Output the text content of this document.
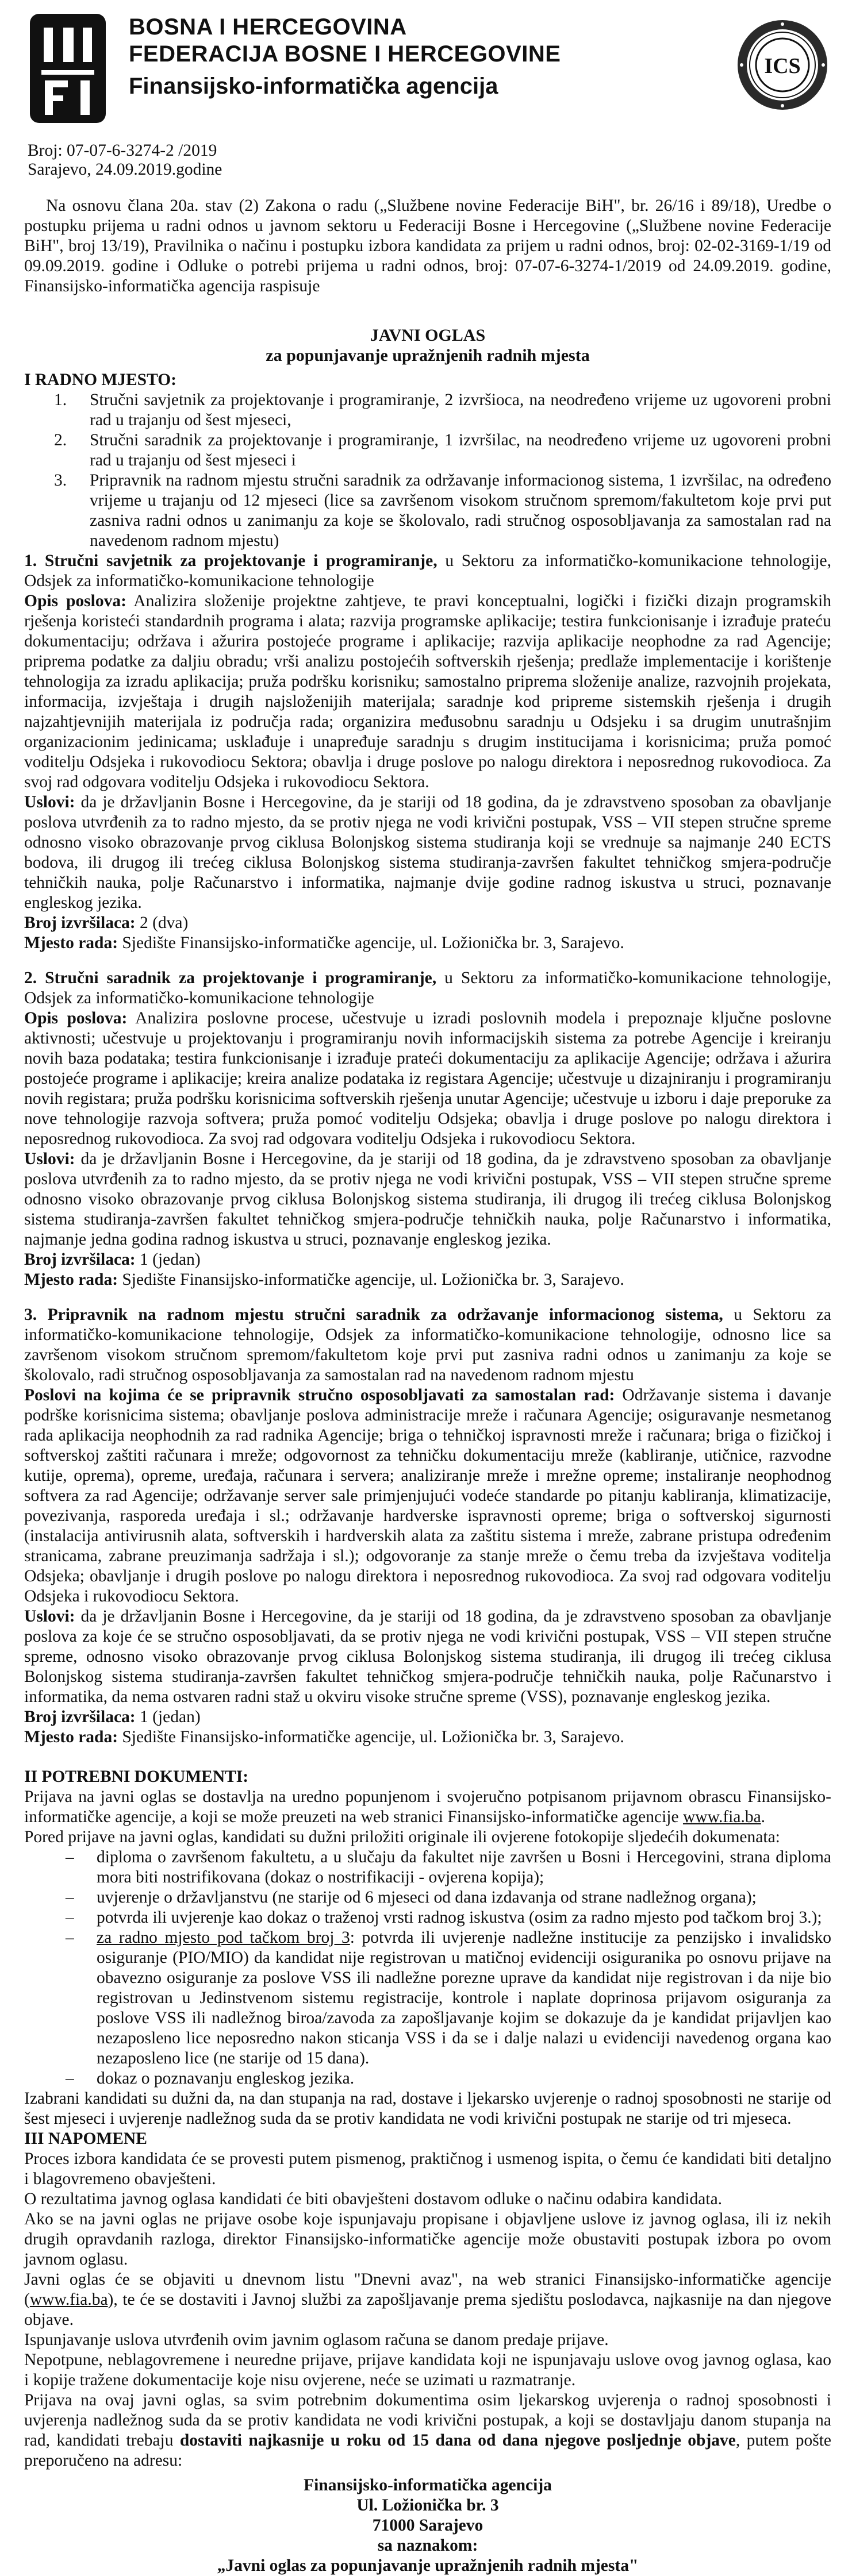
BOSNA I HERCEGOVINA
FEDERACIJA BOSNE I HERCEGOVINE
Finansijsko-informatička agencija
ICS
Broj: 07-07-6-3274-2 /2019
Sarajevo, 24.09.2019.godine

Na osnovu člana 20a. stav (2) Zakona o radu („Službene novine Federacije BiH", br. 26/16 i 89/18), Uredbe o postupku prijema u radni odnos u javnom sektoru u Federaciji Bosne i Hercegovine („Službene novine Federacije BiH", broj 13/19), Pravilnika o načinu i postupku izbora kandidata za prijem u radni odnos, broj: 02-02-3169-1/19 od 09.09.2019. godine i Odluke o potrebi prijema u radni odnos, broj: 07-07-6-3274-1/2019 od 24.09.2019. godine, Finansijsko-informatička agencija raspisuje

JAVNI OGLAS
za popunjavanje upražnjenih radnih mjesta
I RADNO MJESTO:
1. Stručni savjetnik za projektovanje i programiranje, 2 izvršioca, na neodređeno vrijeme uz ugovoreni probni rad u trajanju od šest mjeseci,
2. Stručni saradnik za projektovanje i programiranje, 1 izvršilac, na neodređeno vrijeme uz ugovoreni probni rad u trajanju od šest mjeseci i
3. Pripravnik na radnom mjestu stručni saradnik za održavanje informacionog sistema, 1 izvršilac, na određeno vrijeme u trajanju od 12 mjeseci (lice sa završenom visokom stručnom spremom/fakultetom koje prvi put zasniva radni odnos u zanimanju za koje se školovalo, radi stručnog osposobljavanja za samostalan rad na navedenom radnom mjestu)

1. Stručni savjetnik za projektovanje i programiranje, u Sektoru za informatičko-komunikacione tehnologije, Odsjek za informatičko-komunikacione tehnologije

Opis poslova: Analizira složenije projektne zahtjeve, te pravi konceptualni, logički i fizički dizajn programskih rješenja koristeći standardnih programa i alata; razvija programske aplikacije; testira funkcionisanje i izrađuje prateću dokumentaciju; održava i ažurira postojeće programe i aplikacije; razvija aplikacije neophodne za rad Agencije; priprema podatke za daljiu obradu; vrši analizu postojećih softverskih rješenja; predlaže implementacije i korištenje tehnologija za izradu aplikacija; pruža podršku korisniku; samostalno priprema složenije analize, razvojnih projekata, informacija, izvještaja i drugih najsloženijih materijala; saradnje kod pripreme sistemskih rješenja i drugih najzahtjevnijih materijala iz područja rada; organizira međusobnu saradnju u Odsjeku i sa drugim unutrašnjim organizacionim jedinicama; usklađuje i unapređuje saradnju s drugim institucijama i korisnicima; pruža pomoć voditelju Odsjeka i rukovodiocu Sektora; obavlja i druge poslove po nalogu direktora i neposrednog rukovodioca. Za svoj rad odgovara voditelju Odsjeka i rukovodiocu Sektora.

Uslovi: da je državljanin Bosne i Hercegovine, da je stariji od 18 godina, da je zdravstveno sposoban za obavljanje poslova utvrđenih za to radno mjesto, da se protiv njega ne vodi krivični postupak, VSS – VII stepen stručne spreme odnosno visoko obrazovanje prvog ciklusa Bolonjskog sistema studiranja koji se vrednuje sa najmanje 240 ECTS bodova, ili drugog ili trećeg ciklusa Bolonjskog sistema studiranja-završen fakultet tehničkog smjera-područje tehničkih nauka, polje Računarstvo i informatika, najmanje dvije godine radnog iskustva u struci, poznavanje engleskog jezika.

Broj izvršilaca: 2 (dva)

Mjesto rada: Sjedište Finansijsko-informatičke agencije, ul. Ložionička br. 3, Sarajevo.

2. Stručni saradnik za projektovanje i programiranje, u Sektoru za informatičko-komunikacione tehnologije, Odsjek za informatičko-komunikacione tehnologije

Opis poslova: Analizira poslovne procese, učestvuje u izradi poslovnih modela i prepoznaje ključne poslovne aktivnosti; učestvuje u projektovanju i programiranju novih informacijskih sistema za potrebe Agencije i kreiranju novih baza podataka; testira funkcionisanje i izrađuje prateći dokumentaciju za aplikacije Agencije; održava i ažurira postojeće programe i aplikacije; kreira analize podataka iz registara Agencije; učestvuje u dizajniranju i programiranju novih registara; pruža podršku korisnicima softverskih rješenja unutar Agencije; učestvuje u izboru i daje preporuke za nove tehnologije razvoja softvera; pruža pomoć voditelju Odsjeka; obavlja i druge poslove po nalogu direktora i neposrednog rukovodioca. Za svoj rad odgovara voditelju Odsjeka i rukovodiocu Sektora.

Uslovi: da je državljanin Bosne i Hercegovine, da je stariji od 18 godina, da je zdravstveno sposoban za obavljanje poslova utvrđenih za to radno mjesto, da se protiv njega ne vodi krivični postupak, VSS – VII stepen stručne spreme odnosno visoko obrazovanje prvog ciklusa Bolonjskog sistema studiranja, ili drugog ili trećeg ciklusa Bolonjskog sistema studiranja-završen fakultet tehničkog smjera-područje tehničkih nauka, polje Računarstvo i informatika, najmanje jedna godina radnog iskustva u struci, poznavanje engleskog jezika.

Broj izvršilaca: 1 (jedan)

Mjesto rada: Sjedište Finansijsko-informatičke agencije, ul. Ložionička br. 3, Sarajevo.

3. Pripravnik na radnom mjestu stručni saradnik za održavanje informacionog sistema, u Sektoru za informatičko-komunikacione tehnologije, Odsjek za informatičko-komunikacione tehnologije, odnosno lice sa završenom visokom stručnom spremom/fakultetom koje prvi put zasniva radni odnos u zanimanju za koje se školovalo, radi stručnog osposobljavanja za samostalan rad na navedenom radnom mjestu

Poslovi na kojima će se pripravnik stručno osposobljavati za samostalan rad: Održavanje sistema i davanje podrške korisnicima sistema; obavljanje poslova administracije mreže i računara Agencije; osiguravanje nesmetanog rada aplikacija neophodnih za rad radnika Agencije; briga o tehničkoj ispravnosti mreže i računara; briga o fizičkoj i softverskoj zaštiti računara i mreže; odgovornost za tehničku dokumentaciju mreže (kabliranje, utičnice, razvodne kutije, oprema), opreme, uređaja, računara i servera; analiziranje mreže i mrežne opreme; instaliranje neophodnog softvera za rad Agencije; održavanje server sale primjenjujući vodeće standarde po pitanju kabliranja, klimatizacije, povezivanja, rasporeda uređaja i sl.; održavanje hardverske ispravnosti opreme; briga o softverskoj sigurnosti (instalacija antivirusnih alata, softverskih i hardverskih alata za zaštitu sistema i mreže, zabrane pristupa određenim stranicama, zabrane preuzimanja sadržaja i sl.); odgovoranje za stanje mreže o čemu treba da izvještava voditelja Odsjeka; obavljanje i drugih poslove po nalogu direktora i neposrednog rukovodioca. Za svoj rad odgovara voditelju Odsjeka i rukovodiocu Sektora.

Uslovi: da je državljanin Bosne i Hercegovine, da je stariji od 18 godina, da je zdravstveno sposoban za obavljanje poslova za koje će se stručno osposobljavati, da se protiv njega ne vodi krivični postupak, VSS – VII stepen stručne spreme, odnosno visoko obrazovanje prvog ciklusa Bolonjskog sistema studiranja, ili drugog ili trećeg ciklusa Bolonjskog sistema studiranja-završen fakultet tehničkog smjera-područje tehničkih nauka, polje Računarstvo i informatika, da nema ostvaren radni staž u okviru visoke stručne spreme (VSS), poznavanje engleskog jezika.

Broj izvršilaca: 1 (jedan)

Mjesto rada: Sjedište Finansijsko-informatičke agencije, ul. Ložionička br. 3, Sarajevo.

II POTREBNI DOKUMENTI:

Prijava na javni oglas se dostavlja na uredno popunjenom i svojeručno potpisanom prijavnom obrascu Finansijsko-informatičke agencije, a koji se može preuzeti na web stranici Finansijsko-informatičke agencije www.fia.ba.

Pored prijave na javni oglas, kandidati su dužni priložiti originale ili ovjerene fotokopije sljedećih dokumenata:

– diploma o završenom fakultetu, a u slučaju da fakultet nije završen u Bosni i Hercegovini, strana diploma mora biti nostrifikovana (dokaz o nostrifikaciji - ovjerena kopija);
– uvjerenje o državljanstvu (ne starije od 6 mjeseci od dana izdavanja od strane nadležnog organa);
– potvrda ili uvjerenje kao dokaz o traženoj vrsti radnog iskustva (osim za radno mjesto pod tačkom broj 3.);
– za radno mjesto pod tačkom broj 3: potvrda ili uvjerenje nadležne institucije za penzijsko i invalidsko osiguranje (PIO/MIO) da kandidat nije registrovan u matičnoj evidenciji osiguranika po osnovu prijave na obavezno osiguranje za poslove VSS ili nadležne porezne uprave da kandidat nije registrovan i da nije bio registrovan u Jedinstvenom sistemu registracije, kontrole i naplate doprinosa prijavom osiguranja za poslove VSS ili nadležnog biroa/zavoda za zapošljavanje kojim se dokazuje da je kandidat prijavljen kao nezaposleno lice neposredno nakon sticanja VSS i da se i dalje nalazi u evidenciji navedenog organa kao nezaposleno lice (ne starije od 15 dana).
– dokaz o poznavanju engleskog jezika.

Izabrani kandidati su dužni da, na dan stupanja na rad, dostave i ljekarsko uvjerenje o radnoj sposobnosti ne starije od šest mjeseci i uvjerenje nadležnog suda da se protiv kandidata ne vodi krivični postupak ne starije od tri mjeseca.

III NAPOMENE

Proces izbora kandidata će se provesti putem pismenog, praktičnog i usmenog ispita, o čemu će kandidati biti detaljno i blagovremeno obavješteni.

O rezultatima javnog oglasa kandidati će biti obavješteni dostavom odluke o načinu odabira kandidata.

Ako se na javni oglas ne prijave osobe koje ispunjavaju propisane i objavljene uslove iz javnog oglasa, ili iz nekih drugih opravdanih razloga, direktor Finansijsko-informatičke agencije može obustaviti postupak izbora po ovom javnom oglasu.

Javni oglas će se objaviti u dnevnom listu "Dnevni avaz", na web stranici Finansijsko-informatičke agencije (www.fia.ba), te će se dostaviti i Javnoj službi za zapošljavanje prema sjedištu poslodavca, najkasnije na dan njegove objave.

Ispunjavanje uslova utvrđenih ovim javnim oglasom računa se danom predaje prijave.

Nepotpune, neblagovremene i neuredne prijave, prijave kandidata koji ne ispunjavaju uslove ovog javnog oglasa, kao i kopije tražene dokumentacije koje nisu ovjerene, neće se uzimati u razmatranje.

Prijava na ovaj javni oglas, sa svim potrebnim dokumentima osim ljekarskog uvjerenja o radnoj sposobnosti i uvjerenja nadležnog suda da se protiv kandidata ne vodi krivični postupak, a koji se dostavljaju danom stupanja na rad, kandidati trebaju dostaviti najkasnije u roku od 15 dana od dana njegove posljednje objave, putem pošte preporučeno na adresu:

Finansijsko-informatička agencija
Ul. Ložionička br. 3
71000 Sarajevo
sa naznakom:
„Javni oglas za popunjavanje upražnjenih radnih mjesta"
